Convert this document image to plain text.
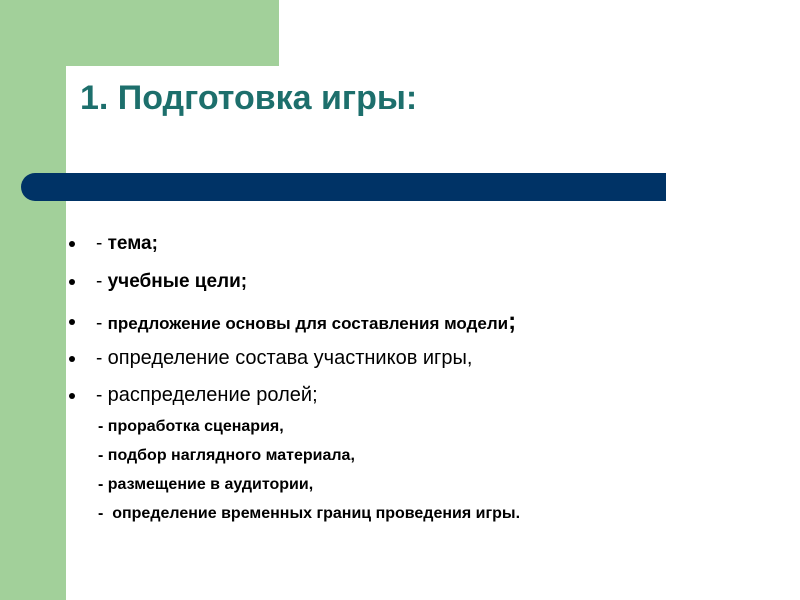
1. Подготовка игры:
- тема;
- учебные цели;
- предложение основы для составления модели;
- определение состава участников игры,
- распределение ролей;
- проработка сценария,
- подбор наглядного материала,
- размещение в аудитории,
-  определение временных границ проведения игры.
